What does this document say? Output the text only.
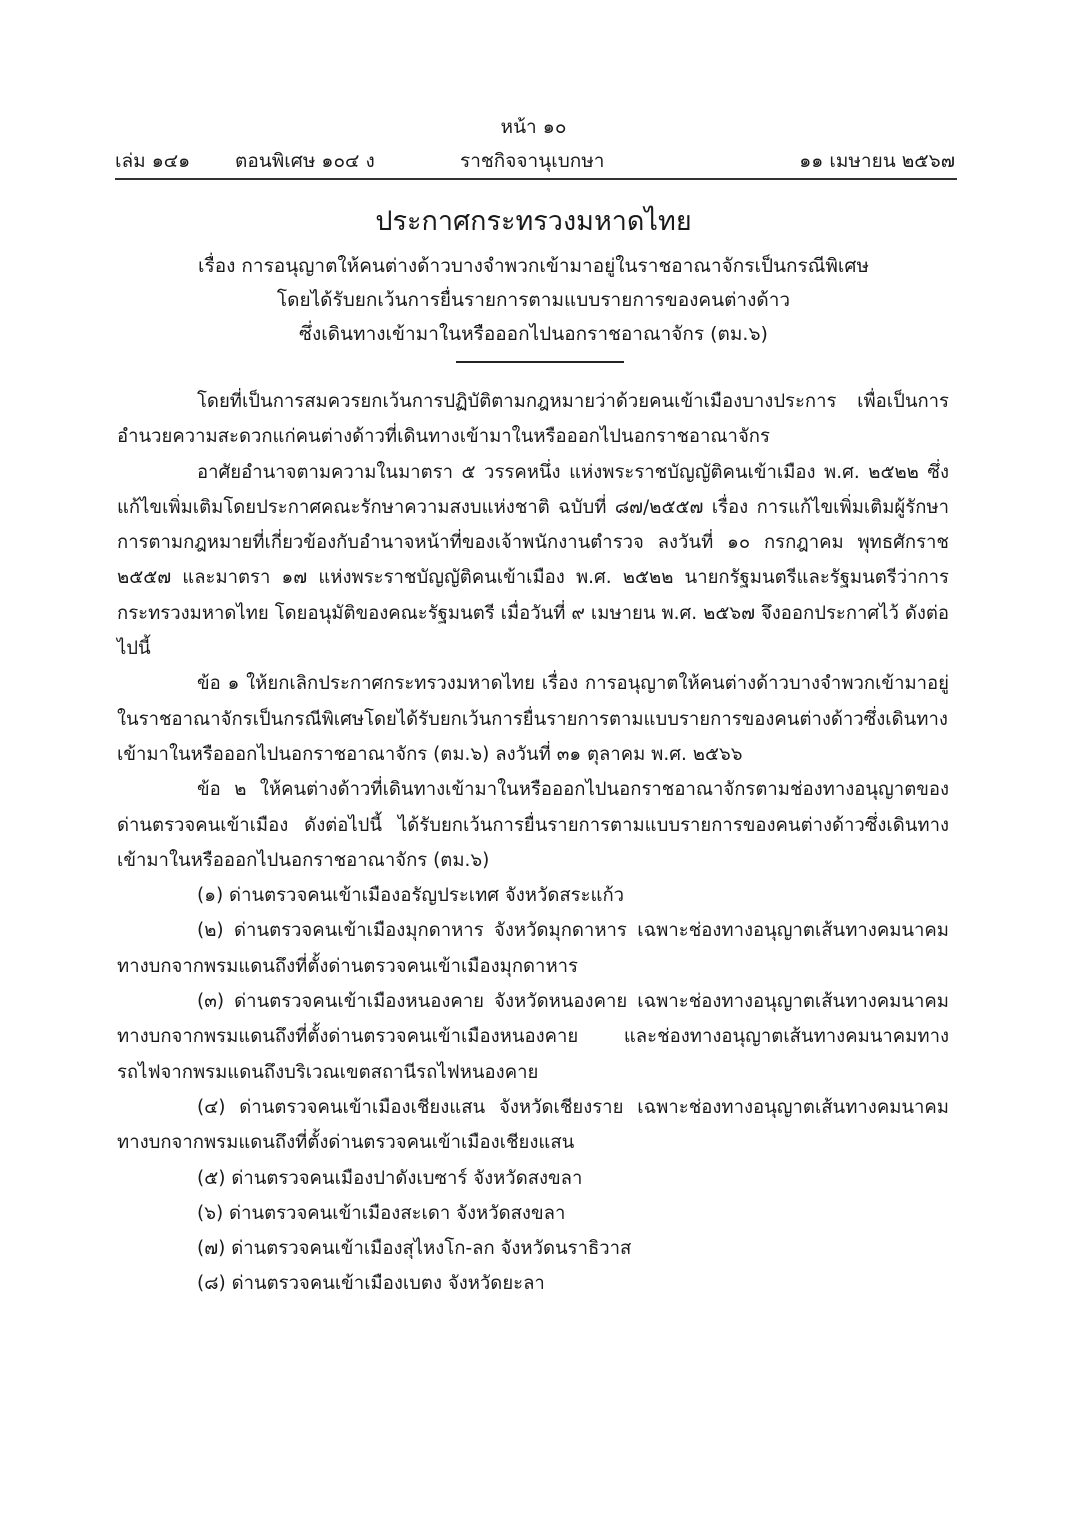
หน้า ๑๐
เล่ม ๑๔๑ ตอนพิเศษ ๑๐๔ ง	ราชกิจจานุเบกษา	๑๑ เมษายน ๒๕๖๗
ประกาศกระทรวงมหาดไทย
เรื่อง การอนุญาตให้คนต่างด้าวบางจำพวกเข้ามาอยู่ในราชอาณาจักรเป็นกรณีพิเศษ
โดยได้รับยกเว้นการยื่นรายการตามแบบรายการของคนต่างด้าว
ซึ่งเดินทางเข้ามาในหรือออกไปนอกราชอาณาจักร (ตม.๖)

โดยที่เป็นการสมควรยกเว้นการปฏิบัติตามกฎหมายว่าด้วยคนเข้าเมืองบางประการ เพื่อเป็นการอำนวยความสะดวกแก่คนต่างด้าวที่เดินทางเข้ามาในหรือออกไปนอกราชอาณาจักร

อาศัยอำนาจตามความในมาตรา ๕ วรรคหนึ่ง แห่งพระราชบัญญัติคนเข้าเมือง พ.ศ. ๒๕๒๒ ซึ่งแก้ไขเพิ่มเติมโดยประกาศคณะรักษาความสงบแห่งชาติ ฉบับที่ ๘๗/๒๕๕๗ เรื่อง การแก้ไขเพิ่มเติมผู้รักษาการตามกฎหมายที่เกี่ยวข้องกับอำนาจหน้าที่ของเจ้าพนักงานตำรวจ ลงวันที่ ๑๐ กรกฎาคม พุทธศักราช ๒๕๕๗ และมาตรา ๑๗ แห่งพระราชบัญญัติคนเข้าเมือง พ.ศ. ๒๕๒๒ นายกรัฐมนตรีและรัฐมนตรีว่าการกระทรวงมหาดไทย โดยอนุมัติของคณะรัฐมนตรี เมื่อวันที่ ๙ เมษายน พ.ศ. ๒๕๖๗ จึงออกประกาศไว้ ดังต่อไปนี้

ข้อ ๑ ให้ยกเลิกประกาศกระทรวงมหาดไทย เรื่อง การอนุญาตให้คนต่างด้าวบางจำพวกเข้ามาอยู่ในราชอาณาจักรเป็นกรณีพิเศษโดยได้รับยกเว้นการยื่นรายการตามแบบรายการของคนต่างด้าวซึ่งเดินทางเข้ามาในหรือออกไปนอกราชอาณาจักร (ตม.๖) ลงวันที่ ๓๑ ตุลาคม พ.ศ. ๒๕๖๖

ข้อ ๒ ให้คนต่างด้าวที่เดินทางเข้ามาในหรือออกไปนอกราชอาณาจักรตามช่องทางอนุญาตของด่านตรวจคนเข้าเมือง ดังต่อไปนี้ ได้รับยกเว้นการยื่นรายการตามแบบรายการของคนต่างด้าวซึ่งเดินทางเข้ามาในหรือออกไปนอกราชอาณาจักร (ตม.๖)

(๑) ด่านตรวจคนเข้าเมืองอรัญประเทศ จังหวัดสระแก้ว

(๒) ด่านตรวจคนเข้าเมืองมุกดาหาร จังหวัดมุกดาหาร เฉพาะช่องทางอนุญาตเส้นทางคมนาคมทางบกจากพรมแดนถึงที่ตั้งด่านตรวจคนเข้าเมืองมุกดาหาร

(๓) ด่านตรวจคนเข้าเมืองหนองคาย จังหวัดหนองคาย เฉพาะช่องทางอนุญาตเส้นทางคมนาคมทางบกจากพรมแดนถึงที่ตั้งด่านตรวจคนเข้าเมืองหนองคาย และช่องทางอนุญาตเส้นทางคมนาคมทางรถไฟจากพรมแดนถึงบริเวณเขตสถานีรถไฟหนองคาย

(๔) ด่านตรวจคนเข้าเมืองเชียงแสน จังหวัดเชียงราย เฉพาะช่องทางอนุญาตเส้นทางคมนาคมทางบกจากพรมแดนถึงที่ตั้งด่านตรวจคนเข้าเมืองเชียงแสน

(๕) ด่านตรวจคนเมืองปาดังเบซาร์ จังหวัดสงขลา

(๖) ด่านตรวจคนเข้าเมืองสะเดา จังหวัดสงขลา

(๗) ด่านตรวจคนเข้าเมืองสุไหงโก-ลก จังหวัดนราธิวาส

(๘) ด่านตรวจคนเข้าเมืองเบตง จังหวัดยะลา
